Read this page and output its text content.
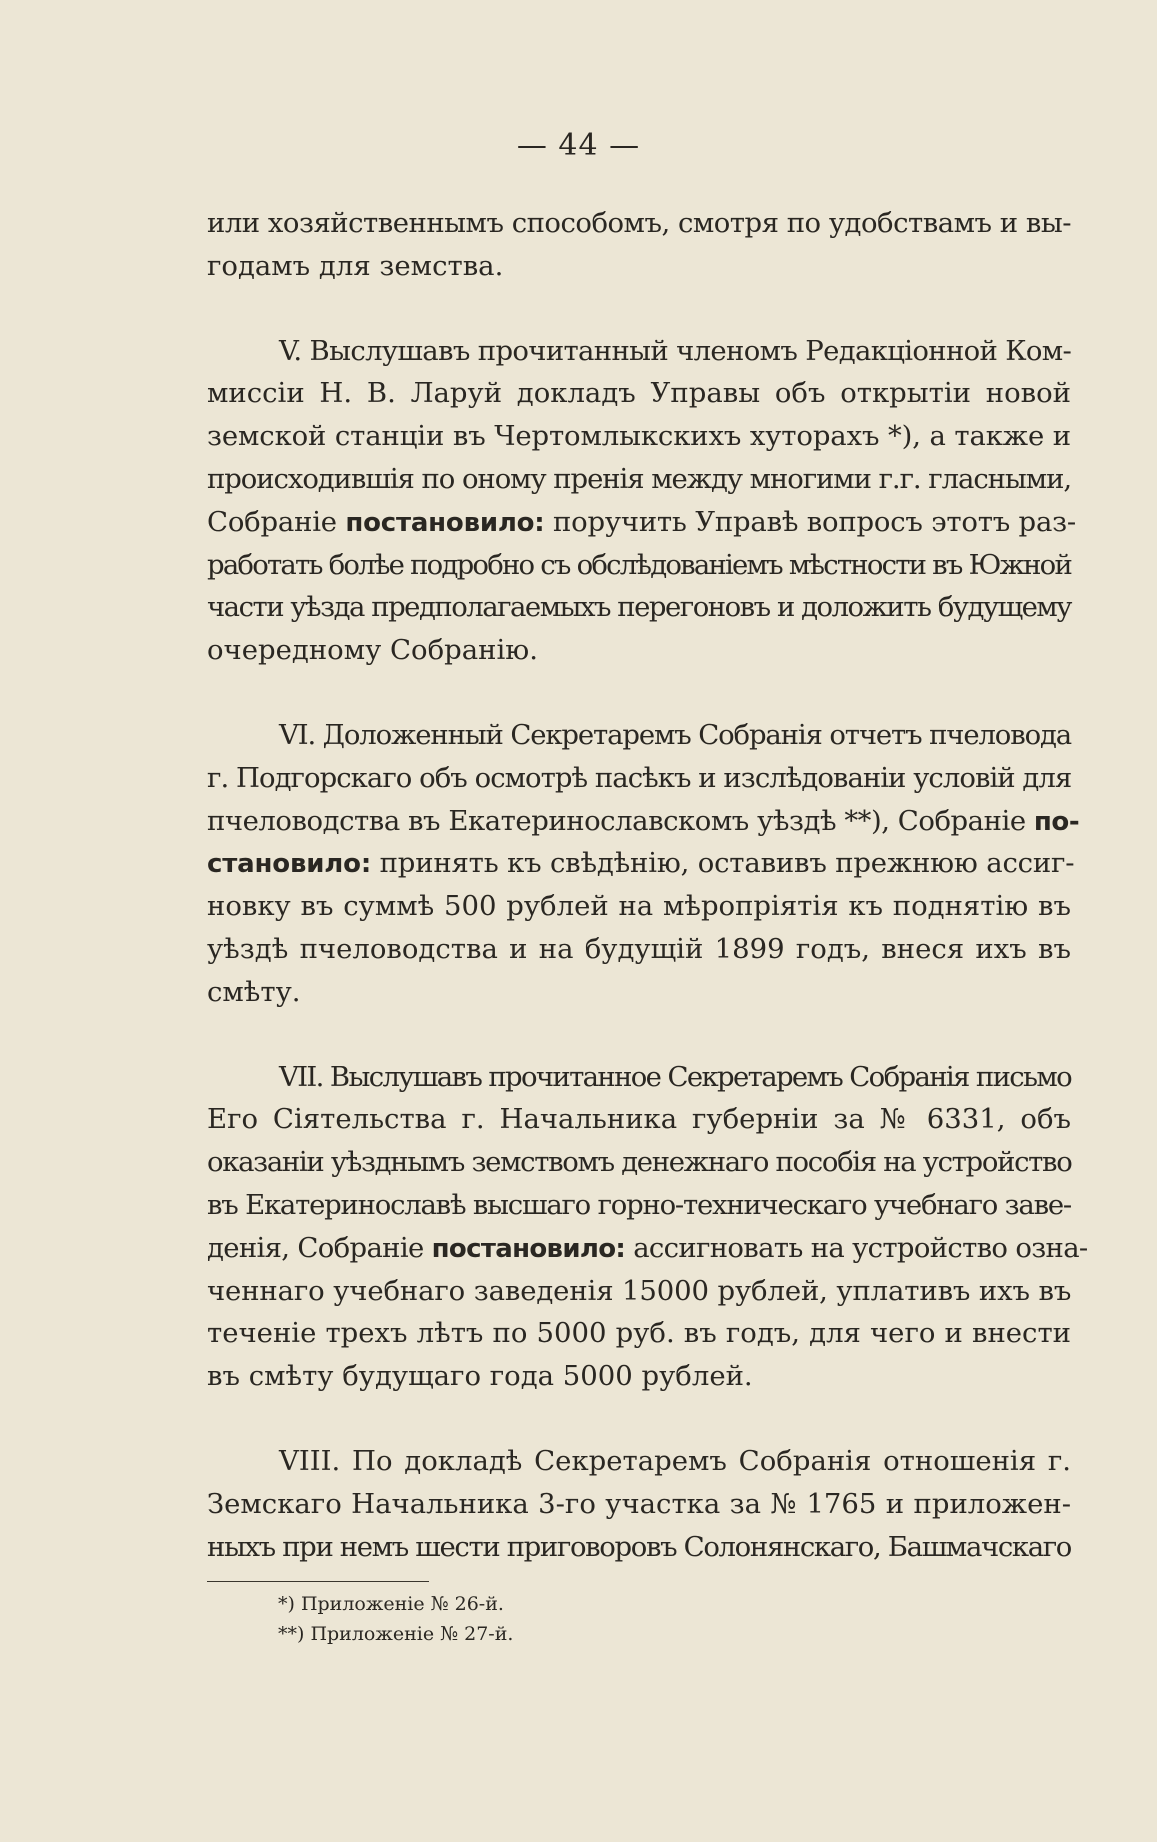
— 44 —
или хозяйственнымъ способомъ, смотря по удобствамъ и вы-
годамъ для земства.
V. Выслушавъ прочитанный членомъ Редакціонной Ком-
миссіи Н. В. Ларуй докладъ Управы объ открытіи новой
земской станціи въ Чертомлыкскихъ хуторахъ *), а также и
происходившія по оному пренія между многими г.г. гласными,
Собраніе постановило: поручить Управѣ вопросъ этотъ раз-
работать болѣе подробно съ обслѣдованіемъ мѣстности въ Южной
части уѣзда предполагаемыхъ перегоновъ и доложить будущему
очередному Собранію.
VI. Доложенный Секретаремъ Собранія отчетъ пчеловода
г. Подгорскаго объ осмотрѣ пасѣкъ и изслѣдованіи условій для
пчеловодства въ Екатеринославскомъ уѣздѣ **), Собраніе по-
становило: принять къ свѣдѣнію, оставивъ прежнюю ассиг-
новку въ суммѣ 500 рублей на мѣропріятія къ поднятію въ
уѣздѣ пчеловодства и на будущій 1899 годъ, внеся ихъ въ
смѣту.
VII. Выслушавъ прочитанное Секретаремъ Собранія письмо
Его Сіятельства г. Начальника губерніи за № 6331, объ
оказаніи уѣзднымъ земствомъ денежнаго пособія на устройство
въ Екатеринославѣ высшаго горно-техническаго учебнаго заве-
денія, Собраніе постановило: ассигновать на устройство озна-
ченнаго учебнаго заведенія 15000 рублей, уплативъ ихъ въ
теченіе трехъ лѣтъ по 5000 руб. въ годъ, для чего и внести
въ смѣту будущаго года 5000 рублей.
VIII. По докладѣ Секретаремъ Собранія отношенія г.
Земскаго Начальника 3-го участка за № 1765 и приложен-
ныхъ при немъ шести приговоровъ Солонянскаго, Башмачскаго
*) Приложеніе № 26-й.
**) Приложеніе № 27-й.
